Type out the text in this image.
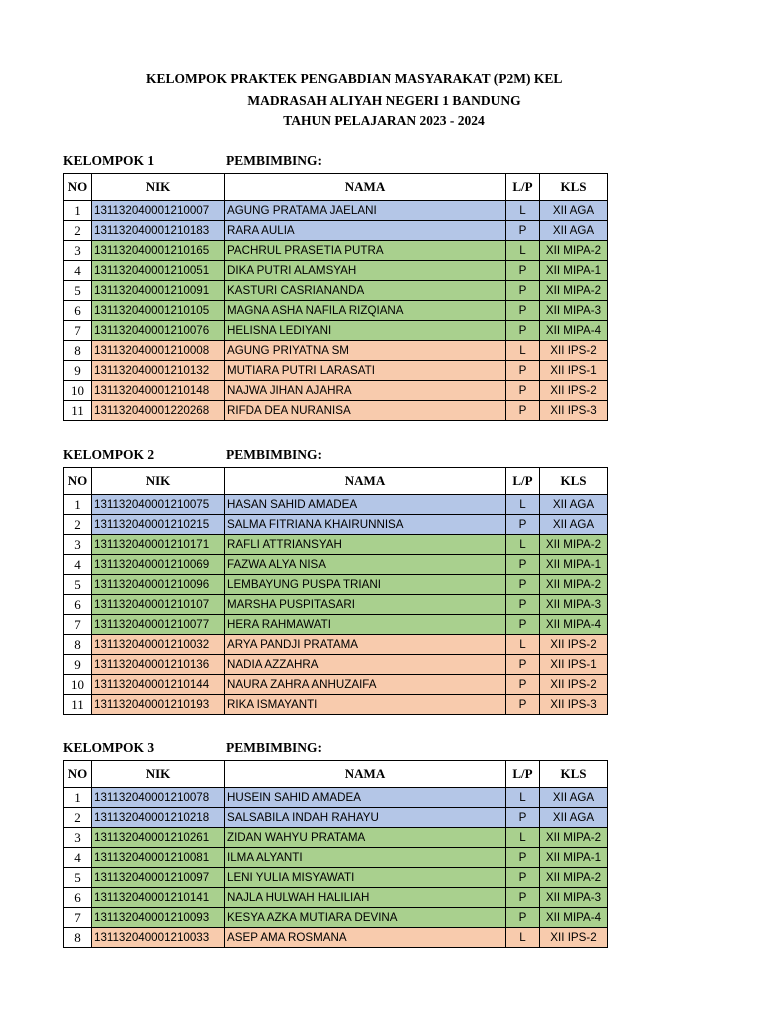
KELOMPOK PRAKTEK PENGABDIAN MASYARAKAT (P2M) KEL
MADRASAH ALIYAH NEGERI 1 BANDUNG
TAHUN PELAJARAN 2023 - 2024
KELOMPOK 1	PEMBIMBING:
NO	NIK	NAMA	L/P	KLS
1	131132040001210007	AGUNG PRATAMA JAELANI	L	XII AGA
2	131132040001210183	RARA AULIA	P	XII AGA
3	131132040001210165	PACHRUL PRASETIA PUTRA	L	XII MIPA-2
4	131132040001210051	DIKA PUTRI ALAMSYAH	P	XII MIPA-1
5	131132040001210091	KASTURI CASRIANANDA	P	XII MIPA-2
6	131132040001210105	MAGNA ASHA NAFILA RIZQIANA	P	XII MIPA-3
7	131132040001210076	HELISNA LEDIYANI	P	XII MIPA-4
8	131132040001210008	AGUNG PRIYATNA SM	L	XII IPS-2
9	131132040001210132	MUTIARA PUTRI LARASATI	P	XII IPS-1
10	131132040001210148	NAJWA JIHAN AJAHRA	P	XII IPS-2
11	131132040001220268	RIFDA DEA NURANISA	P	XII IPS-3
KELOMPOK 2	PEMBIMBING:
NO	NIK	NAMA	L/P	KLS
1	131132040001210075	HASAN SAHID AMADEA	L	XII AGA
2	131132040001210215	SALMA FITRIANA KHAIRUNNISA	P	XII AGA
3	131132040001210171	RAFLI ATTRIANSYAH	L	XII MIPA-2
4	131132040001210069	FAZWA ALYA NISA	P	XII MIPA-1
5	131132040001210096	LEMBAYUNG PUSPA TRIANI	P	XII MIPA-2
6	131132040001210107	MARSHA PUSPITASARI	P	XII MIPA-3
7	131132040001210077	HERA RAHMAWATI	P	XII MIPA-4
8	131132040001210032	ARYA PANDJI PRATAMA	L	XII IPS-2
9	131132040001210136	NADIA AZZAHRA	P	XII IPS-1
10	131132040001210144	NAURA ZAHRA ANHUZAIFA	P	XII IPS-2
11	131132040001210193	RIKA ISMAYANTI	P	XII IPS-3
KELOMPOK 3	PEMBIMBING:
NO	NIK	NAMA	L/P	KLS
1	131132040001210078	HUSEIN SAHID AMADEA	L	XII AGA
2	131132040001210218	SALSABILA INDAH RAHAYU	P	XII AGA
3	131132040001210261	ZIDAN WAHYU PRATAMA	L	XII MIPA-2
4	131132040001210081	ILMA ALYANTI	P	XII MIPA-1
5	131132040001210097	LENI YULIA MISYAWATI	P	XII MIPA-2
6	131132040001210141	NAJLA HULWAH HALILIAH	P	XII MIPA-3
7	131132040001210093	KESYA AZKA MUTIARA DEVINA	P	XII MIPA-4
8	131132040001210033	ASEP AMA ROSMANA	L	XII IPS-2
